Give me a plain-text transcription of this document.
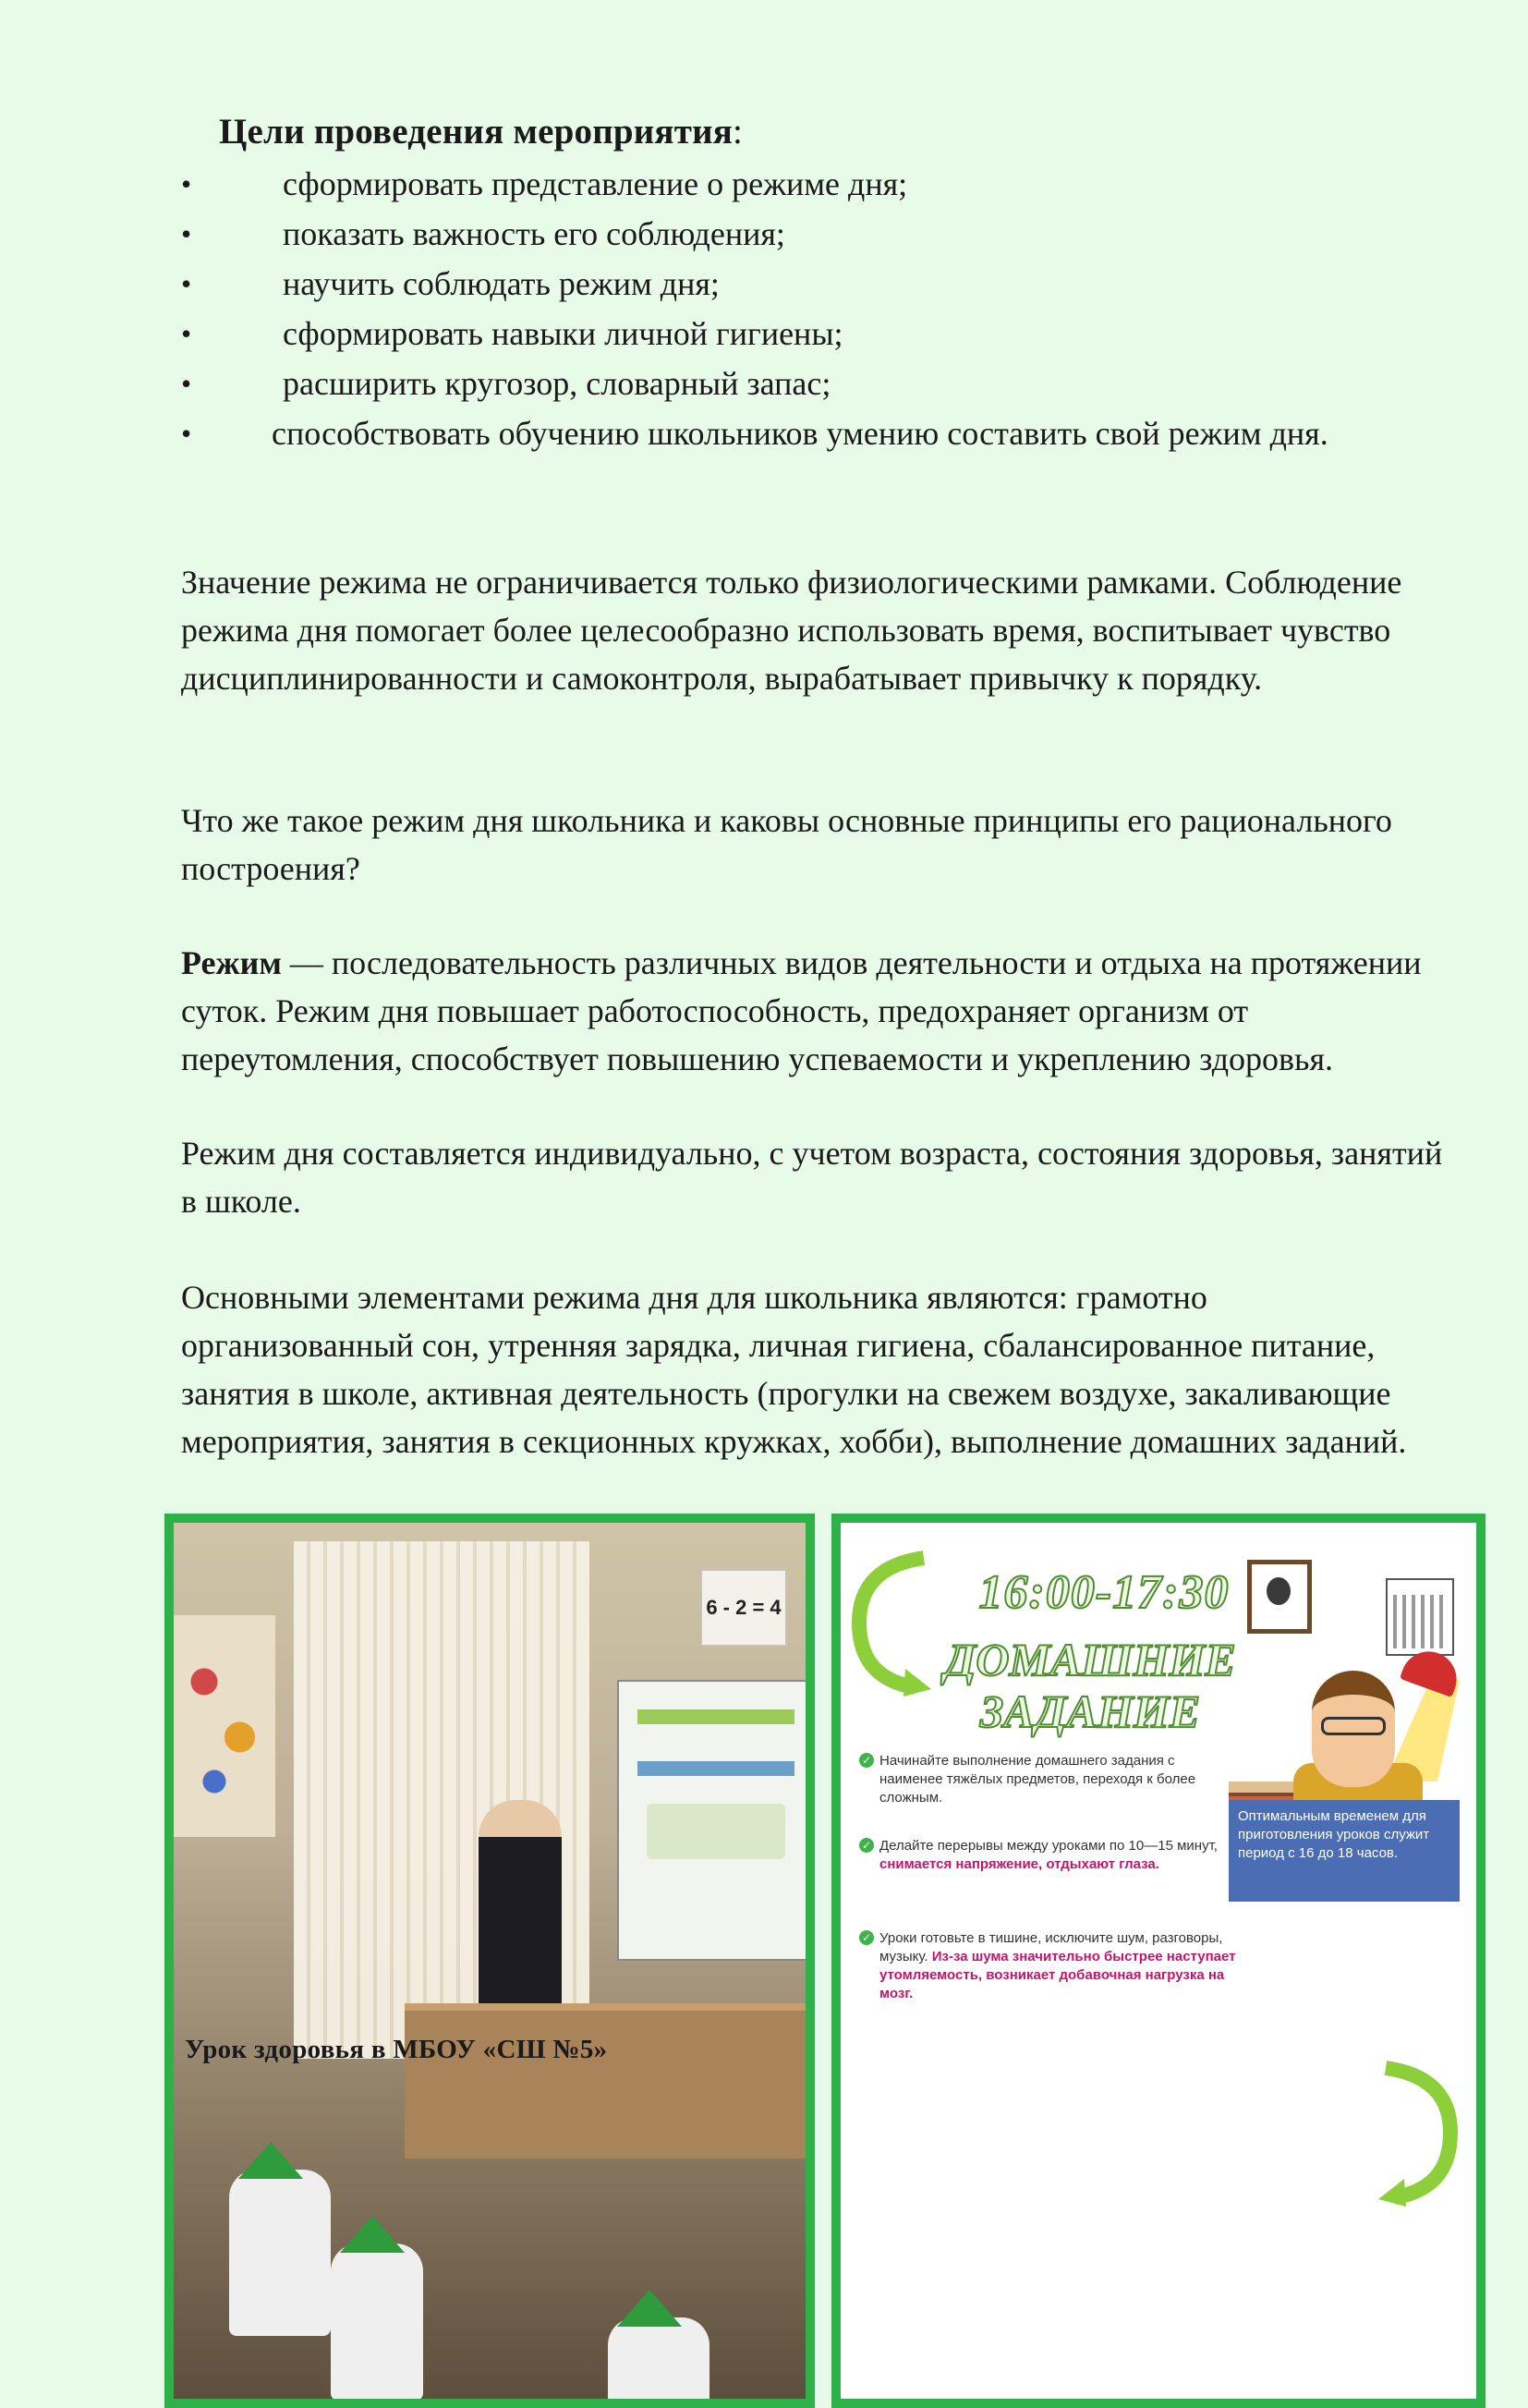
Цели проведения мероприятия:
•	сформировать представление о режиме дня;
•	показать важность его соблюдения;
•	научить соблюдать режим дня;
•	сформировать навыки личной гигиены;
•	расширить кругозор, словарный запас;
•	способствовать обучению школьников умению составить свой режим дня.

Значение режима не ограничивается только физиологическими рамками. Соблюдение режима дня помогает более целесообразно использовать время, воспитывает чувство дисциплинированности и самоконтроля, вырабатывает привычку к порядку.

Что же такое режим дня школьника и каковы основные принципы его рационального построения?

Режим — последовательность различных видов деятельности и отдыха на протяжении суток. Режим дня повышает работоспособность, предохраняет организм от переутомления, способствует повышению успеваемости и укреплению здоровья.

Режим дня составляется индивидуально, с учетом возраста, состояния здоровья, занятий в школе.

Основными элементами режима дня для школьника являются: грамотно организованный сон, утренняя зарядка, личная гигиена, сбалансированное питание, занятия в школе, активная деятельность (прогулки на свежем воздухе, закаливающие мероприятия, занятия в секционных кружках, хобби), выполнение домашних заданий.

6 - 2 = 4	16:00-17:30
ДОМАШНИЕ
ЗАДАНИЕ
✓ Начинайте выполнение домашнего задания с наименее тяжёлых предметов, переходя к более сложным.
✓ Делайте перерывы между уроками по 10—15 минут, снимается напряжение, отдыхают глаза.
✓ Уроки готовьте в тишине, исключите шум, разговоры, музыку. Из-за шума значительно быстрее наступает утомляемость, возникает добавочная нагрузка на мозг.
Оптимальным временем для приготовления уроков служит период с 16 до 18 часов.
Урок здоровья в МБОУ «СШ №5»
